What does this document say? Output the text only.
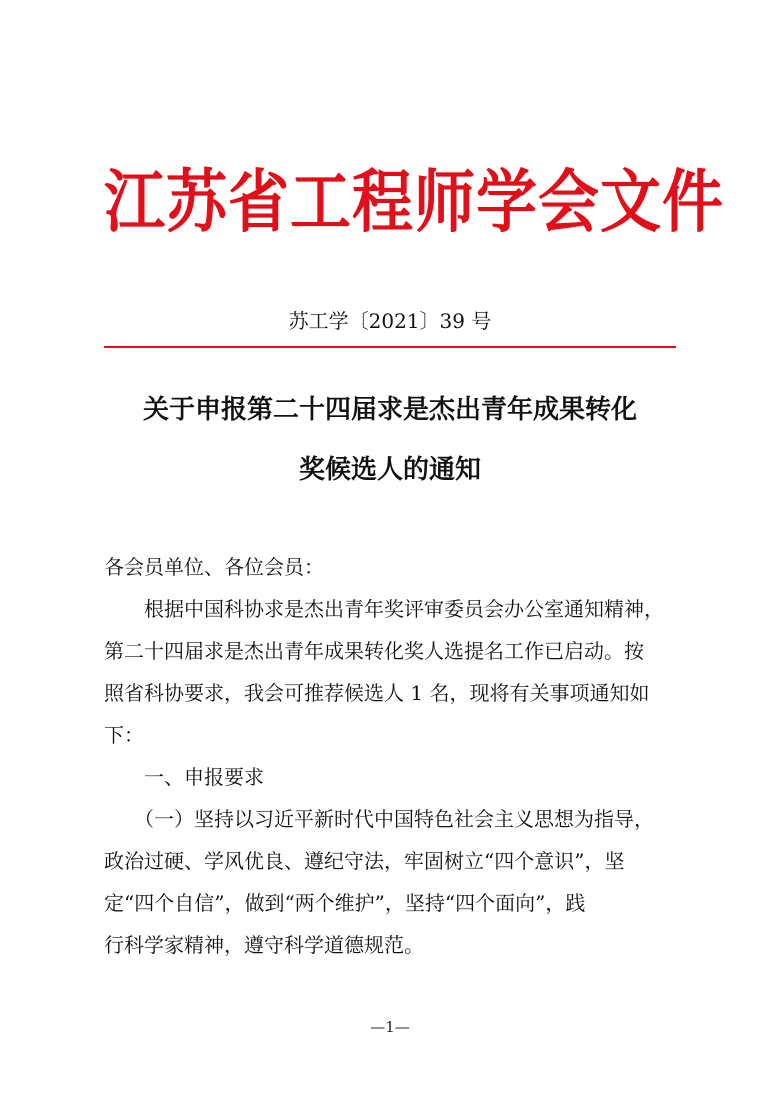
江苏省工程师学会文件
苏工学〔2021〕39 号
关于申报第二十四届求是杰出青年成果转化
奖候选人的通知
各会员单位、各位会员：
根据中国科协求是杰出青年奖评审委员会办公室通知精神，
第二十四届求是杰出青年成果转化奖人选提名工作已启动。按
照省科协要求，我会可推荐候选人 1 名，现将有关事项通知如
下：
一、申报要求
（一）坚持以习近平新时代中国特色社会主义思想为指导，
政治过硬、学风优良、遵纪守法，牢固树立“四个意识”，坚
定“四个自信”，做到“两个维护”，坚持“四个面向”，践
行科学家精神，遵守科学道德规范。
—1—
